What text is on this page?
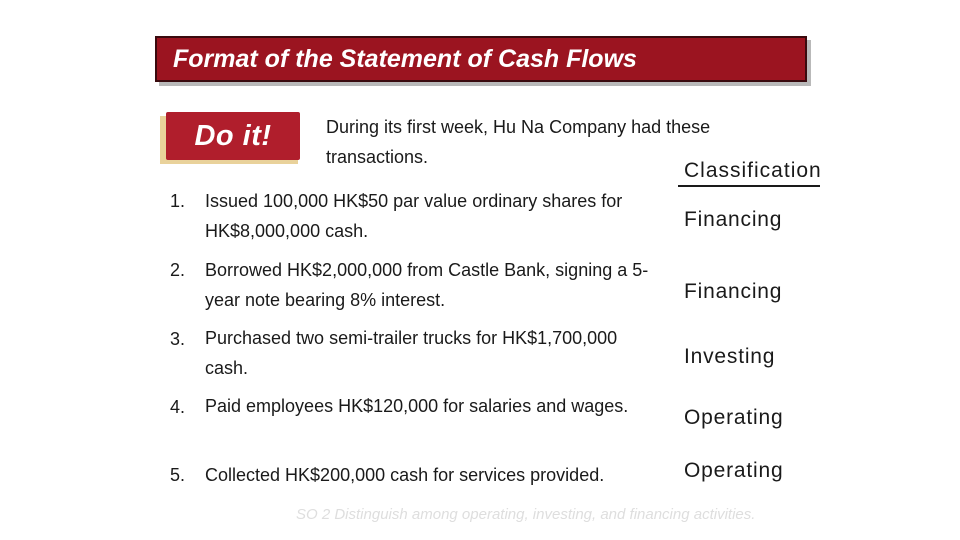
Format of the Statement of Cash Flows
Do it!	During its first week, Hu Na Company had these transactions.
Classification
1. Issued 100,000 HK$50 par value ordinary shares for HK$8,000,000 cash.	Financing
2. Borrowed HK$2,000,000 from Castle Bank, signing a 5-year note bearing 8% interest.	Financing
3. Purchased two semi-trailer trucks for HK$1,700,000 cash.	Investing
4. Paid employees HK$120,000 for salaries and wages.	Operating
5. Collected HK$200,000 cash for services provided.	Operating
SO 2 Distinguish among operating, investing, and financing activities.
